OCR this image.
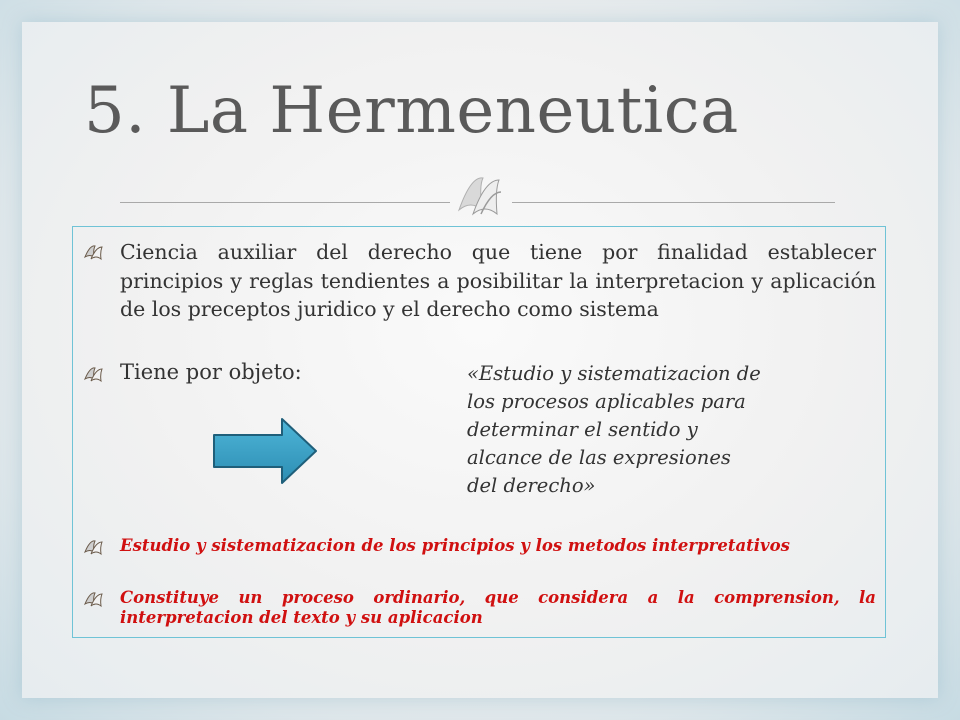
5. La Hermeneutica
Ciencia auxiliar del derecho que tiene por finalidad establecer principios y reglas tendientes a posibilitar la interpretacion y aplicación de los preceptos juridico y el derecho como sistema
Tiene por objeto:	«Estudio y sistematizacion de
los procesos aplicables para
determinar el sentido y
alcance de las expresiones
del derecho»
Estudio y sistematizacion de los principios y los metodos interpretativos
Constituye un proceso ordinario, que considera a la comprension, la interpretacion del texto y su aplicacion
